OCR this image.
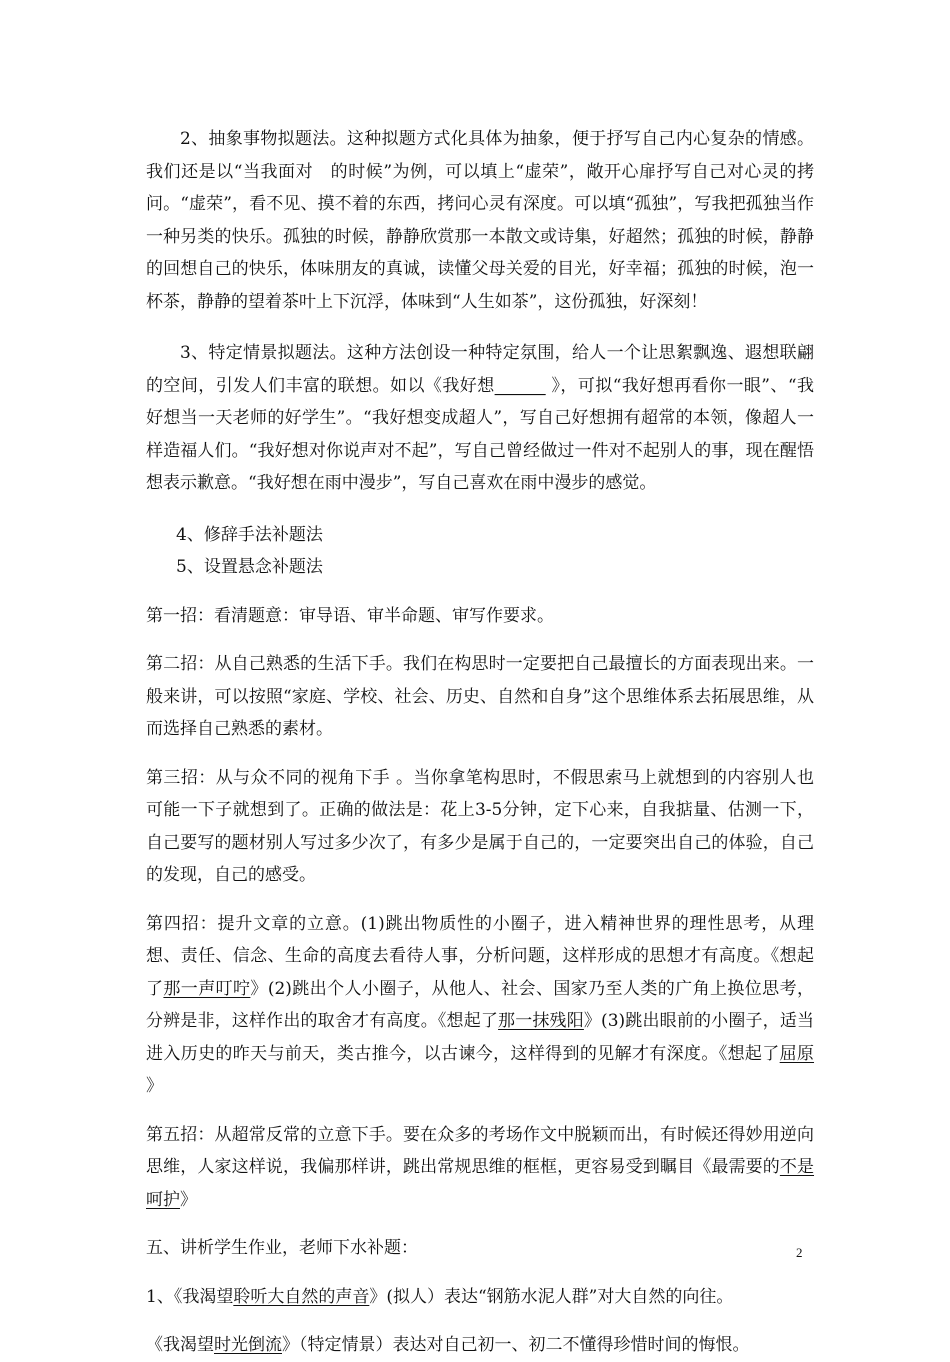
2、抽象事物拟题法。这种拟题方式化具体为抽象，便于抒写自己内心复杂的情感。我们还是以“当我面对　的时候”为例，可以填上“虚荣”，敞开心扉抒写自己对心灵的拷问。“虚荣”，看不见、摸不着的东西，拷问心灵有深度。可以填“孤独”，写我把孤独当作一种另类的快乐。孤独的时候，静静欣赏那一本散文或诗集，好超然；孤独的时候，静静的回想自己的快乐，体味朋友的真诚，读懂父母关爱的目光，好幸福；孤独的时候，泡一杯茶，静静的望着茶叶上下沉浮，体味到“人生如茶”，这份孤独，好深刻！

3、特定情景拟题法。这种方法创设一种特定氛围，给人一个让思絮飘逸、遐想联翩的空间，引发人们丰富的联想。如以《我好想______ 》，可拟“我好想再看你一眼”、“我好想当一天老师的好学生”。“我好想变成超人”，写自己好想拥有超常的本领，像超人一样造福人们。“我好想对你说声对不起”，写自己曾经做过一件对不起别人的事，现在醒悟想表示歉意。“我好想在雨中漫步”，写自己喜欢在雨中漫步的感觉。

4、修辞手法补题法

5、设置悬念补题法

第一招：看清题意：审导语、审半命题、审写作要求。

第二招：从自己熟悉的生活下手。我们在构思时一定要把自己最擅长的方面表现出来。一般来讲，可以按照“家庭、学校、社会、历史、自然和自身”这个思维体系去拓展思维，从而选择自己熟悉的素材。

第三招：从与众不同的视角下手 。当你拿笔构思时，不假思索马上就想到的内容别人也可能一下子就想到了。正确的做法是：花上3-5分钟，定下心来，自我掂量、估测一下，自己要写的题材别人写过多少次了，有多少是属于自己的，一定要突出自己的体验，自己的发现，自己的感受。

第四招：提升文章的立意。(1)跳出物质性的小圈子，进入精神世界的理性思考，从理想、责任、信念、生命的高度去看待人事，分析问题，这样形成的思想才有高度。《想起了那一声叮咛》(2)跳出个人小圈子，从他人、社会、国家乃至人类的广角上换位思考，分辨是非，这样作出的取舍才有高度。《想起了那一抹残阳》(3)跳出眼前的小圈子，适当进入历史的昨天与前天，类古推今，以古谏今，这样得到的见解才有深度。《想起了屈原 》

第五招：从超常反常的立意下手。要在众多的考场作文中脱颖而出，有时候还得妙用逆向思维，人家这样说，我偏那样讲，跳出常规思维的框框，更容易受到瞩目《最需要的不是呵护》

五、讲析学生作业，老师下水补题：

1、《我渴望聆听大自然的声音》(拟人）表达“钢筋水泥人群”对大自然的向往。

《我渴望时光倒流》（特定情景）表达对自己初一、初二不懂得珍惜时间的悔恨。

2
